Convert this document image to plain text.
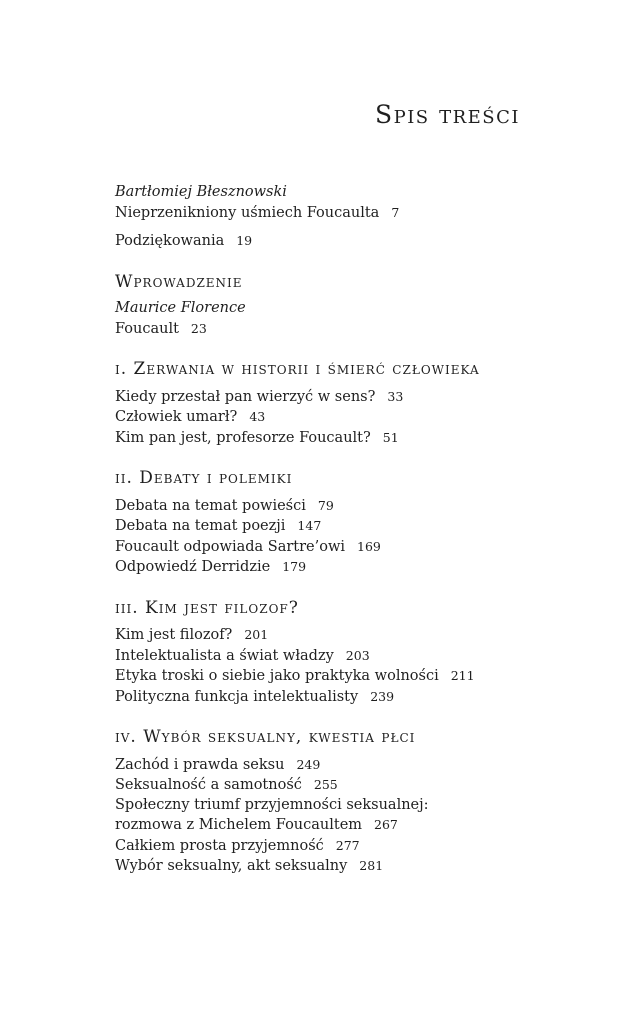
Spis treści
Bartłomiej Błesznowski
Nieprzenikniony uśmiech Foucaulta 7
Podziękowania 19
Wprowadzenie
Maurice Florence
Foucault 23
i. Zerwania w historii i śmierć człowieka
Kiedy przestał pan wierzyć w sens? 33
Człowiek umarł? 43
Kim pan jest, profesorze Foucault? 51
ii. Debaty i polemiki
Debata na temat powieści 79
Debata na temat poezji 147
Foucault odpowiada Sartre’owi 169
Odpowiedź Derridzie 179
iii. Kim jest filozof?
Kim jest filozof? 201
Intelektualista a świat władzy 203
Etyka troski o siebie jako praktyka wolności 211
Polityczna funkcja intelektualisty 239
iv. Wybór seksualny, kwestia płci
Zachód i prawda seksu 249
Seksualność a samotność 255
Społeczny triumf przyjemności seksualnej:
rozmowa z Michelem Foucaultem 267
Całkiem prosta przyjemność 277
Wybór seksualny, akt seksualny 281
